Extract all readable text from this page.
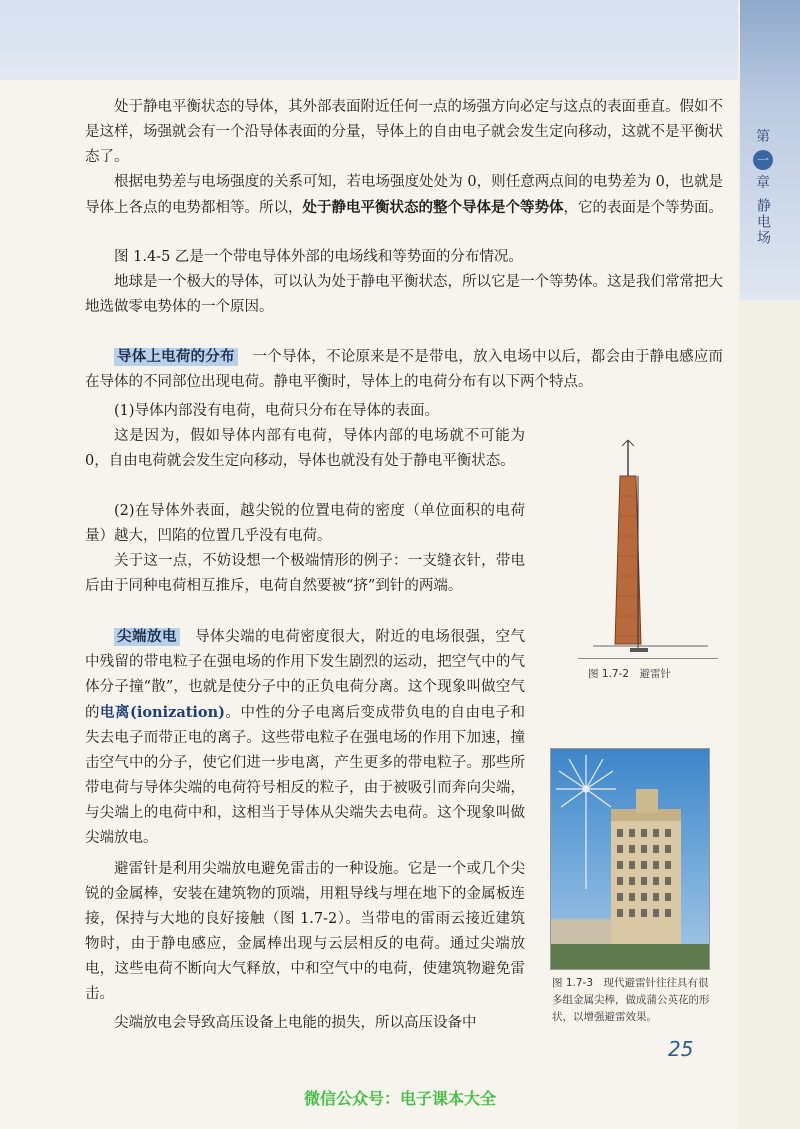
第
一
章
静电场

处于静电平衡状态的导体，其外部表面附近任何一点的场强方向必定与这点的表面垂直。假如不是这样，场强就会有一个沿导体表面的分量，导体上的自由电子就会发生定向移动，这就不是平衡状态了。

根据电势差与电场强度的关系可知，若电场强度处处为 0，则任意两点间的电势差为 0，也就是导体上各点的电势都相等。所以，处于静电平衡状态的整个导体是个等势体，它的表面是个等势面。

图 1.4-5 乙是一个带电导体外部的电场线和等势面的分布情况。

地球是一个极大的导体，可以认为处于静电平衡状态，所以它是一个等势体。这是我们常常把大地选做零电势体的一个原因。

导体上电荷的分布　 一个导体，不论原来是不是带电，放入电场中以后，都会由于静电感应而在导体的不同部位出现电荷。静电平衡时，导体上的电荷分布有以下两个特点。

(1)导体内部没有电荷，电荷只分布在导体的表面。

这是因为，假如导体内部有电荷，导体内部的电场就不可能为 0，自由电荷就会发生定向移动，导体也就没有处于静电平衡状态。

(2)在导体外表面，越尖锐的位置电荷的密度（单位面积的电荷量）越大，凹陷的位置几乎没有电荷。

关于这一点，不妨设想一个极端情形的例子：一支缝衣针，带电后由于同种电荷相互推斥，电荷自然要被“挤”到针的两端。

尖端放电　 导体尖端的电荷密度很大，附近的电场很强，空气中残留的带电粒子在强电场的作用下发生剧烈的运动，把空气中的气体分子撞“散”，也就是使分子中的正负电荷分离。这个现象叫做空气的电离(ionization)。中性的分子电离后变成带负电的自由电子和失去电子而带正电的离子。这些带电粒子在强电场的作用下加速，撞击空气中的分子，使它们进一步电离，产生更多的带电粒子。那些所带电荷与导体尖端的电荷符号相反的粒子，由于被吸引而奔向尖端，与尖端上的电荷中和，这相当于导体从尖端失去电荷。这个现象叫做尖端放电。

避雷针是利用尖端放电避免雷击的一种设施。它是一个或几个尖锐的金属棒，安装在建筑物的顶端，用粗导线与埋在地下的金属板连接，保持与大地的良好接触（图 1.7-2）。当带电的雷雨云接近建筑物时，由于静电感应，金属棒出现与云层相反的电荷。通过尖端放电，这些电荷不断向大气释放，中和空气中的电荷，使建筑物避免雷击。

尖端放电会导致高压设备上电能的损失，所以高压设备中

图 1.7-2　避雷针
图 1.7-3　现代避雷针往往具有很多组金属尖棒，做成蒲公英花的形状，以增强避雷效果。
25
微信公众号：电子课本大全
